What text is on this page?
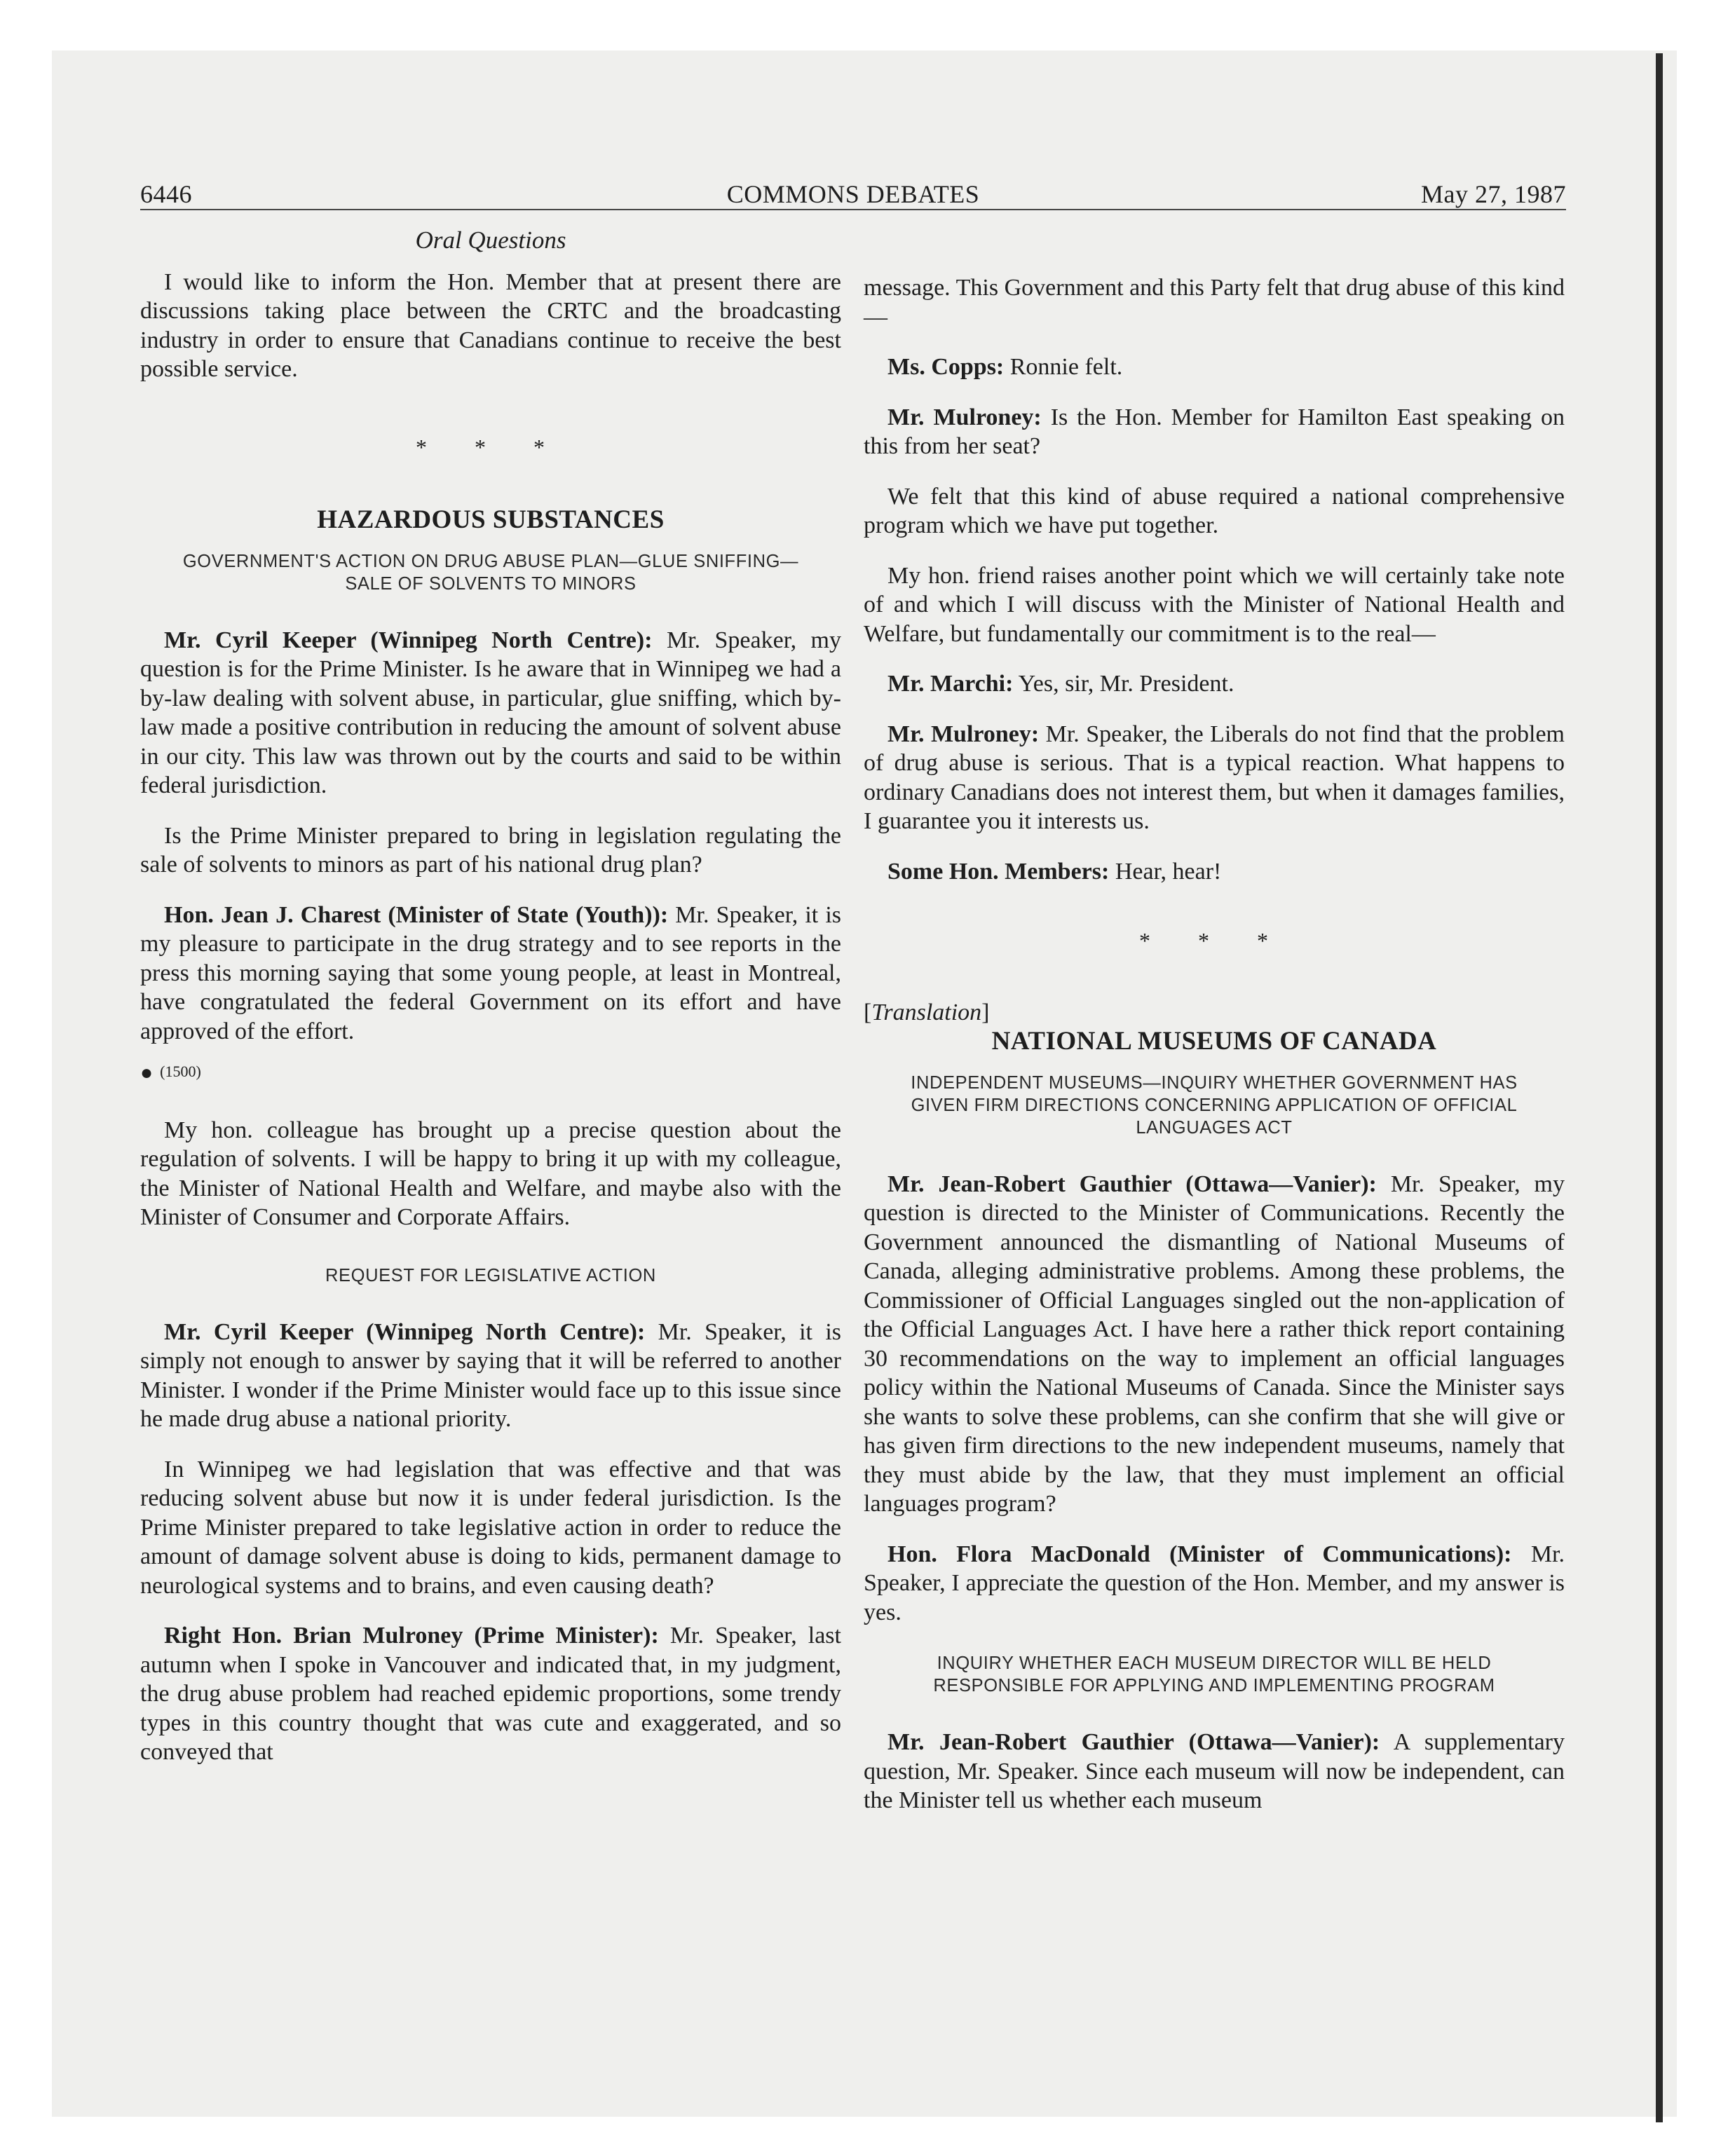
6446	COMMONS DEBATES	May 27, 1987

Oral Questions

I would like to inform the Hon. Member that at present there are discussions taking place between the CRTC and the broadcasting industry in order to ensure that Canadians continue to receive the best possible service.

* * *

HAZARDOUS SUBSTANCES

GOVERNMENT'S ACTION ON DRUG ABUSE PLAN—GLUE SNIFFING—SALE OF SOLVENTS TO MINORS

Mr. Cyril Keeper (Winnipeg North Centre): Mr. Speaker, my question is for the Prime Minister. Is he aware that in Winnipeg we had a by-law dealing with solvent abuse, in particular, glue sniffing, which by-law made a positive contribution in reducing the amount of solvent abuse in our city. This law was thrown out by the courts and said to be within federal jurisdiction.

Is the Prime Minister prepared to bring in legislation regulating the sale of solvents to minors as part of his national drug plan?

Hon. Jean J. Charest (Minister of State (Youth)): Mr. Speaker, it is my pleasure to participate in the drug strategy and to see reports in the press this morning saying that some young people, at least in Montreal, have congratulated the federal Government on its effort and have approved of the effort.

● (1500)

My hon. colleague has brought up a precise question about the regulation of solvents. I will be happy to bring it up with my colleague, the Minister of National Health and Welfare, and maybe also with the Minister of Consumer and Corporate Affairs.

REQUEST FOR LEGISLATIVE ACTION

Mr. Cyril Keeper (Winnipeg North Centre): Mr. Speaker, it is simply not enough to answer by saying that it will be referred to another Minister. I wonder if the Prime Minister would face up to this issue since he made drug abuse a national priority.

In Winnipeg we had legislation that was effective and that was reducing solvent abuse but now it is under federal jurisdiction. Is the Prime Minister prepared to take legislative action in order to reduce the amount of damage solvent abuse is doing to kids, permanent damage to neurological systems and to brains, and even causing death?

Right Hon. Brian Mulroney (Prime Minister): Mr. Speaker, last autumn when I spoke in Vancouver and indicated that, in my judgment, the drug abuse problem had reached epidemic proportions, some trendy types in this country thought that was cute and exaggerated, and so conveyed that

message. This Government and this Party felt that drug abuse of this kind—

Ms. Copps: Ronnie felt.

Mr. Mulroney: Is the Hon. Member for Hamilton East speaking on this from her seat?

We felt that this kind of abuse required a national comprehensive program which we have put together.

My hon. friend raises another point which we will certainly take note of and which I will discuss with the Minister of National Health and Welfare, but fundamentally our commitment is to the real—

Mr. Marchi: Yes, sir, Mr. President.

Mr. Mulroney: Mr. Speaker, the Liberals do not find that the problem of drug abuse is serious. That is a typical reaction. What happens to ordinary Canadians does not interest them, but when it damages families, I guarantee you it interests us.

Some Hon. Members: Hear, hear!

* * *

[Translation]

NATIONAL MUSEUMS OF CANADA

INDEPENDENT MUSEUMS—INQUIRY WHETHER GOVERNMENT HAS GIVEN FIRM DIRECTIONS CONCERNING APPLICATION OF OFFICIAL LANGUAGES ACT

Mr. Jean-Robert Gauthier (Ottawa—Vanier): Mr. Speaker, my question is directed to the Minister of Communications. Recently the Government announced the dismantling of National Museums of Canada, alleging administrative problems. Among these problems, the Commissioner of Official Languages singled out the non-application of the Official Languages Act. I have here a rather thick report containing 30 recommendations on the way to implement an official languages policy within the National Museums of Canada. Since the Minister says she wants to solve these problems, can she confirm that she will give or has given firm directions to the new independent museums, namely that they must abide by the law, that they must implement an official languages program?

Hon. Flora MacDonald (Minister of Communications): Mr. Speaker, I appreciate the question of the Hon. Member, and my answer is yes.

INQUIRY WHETHER EACH MUSEUM DIRECTOR WILL BE HELD RESPONSIBLE FOR APPLYING AND IMPLEMENTING PROGRAM

Mr. Jean-Robert Gauthier (Ottawa—Vanier): A supplementary question, Mr. Speaker. Since each museum will now be independent, can the Minister tell us whether each museum
